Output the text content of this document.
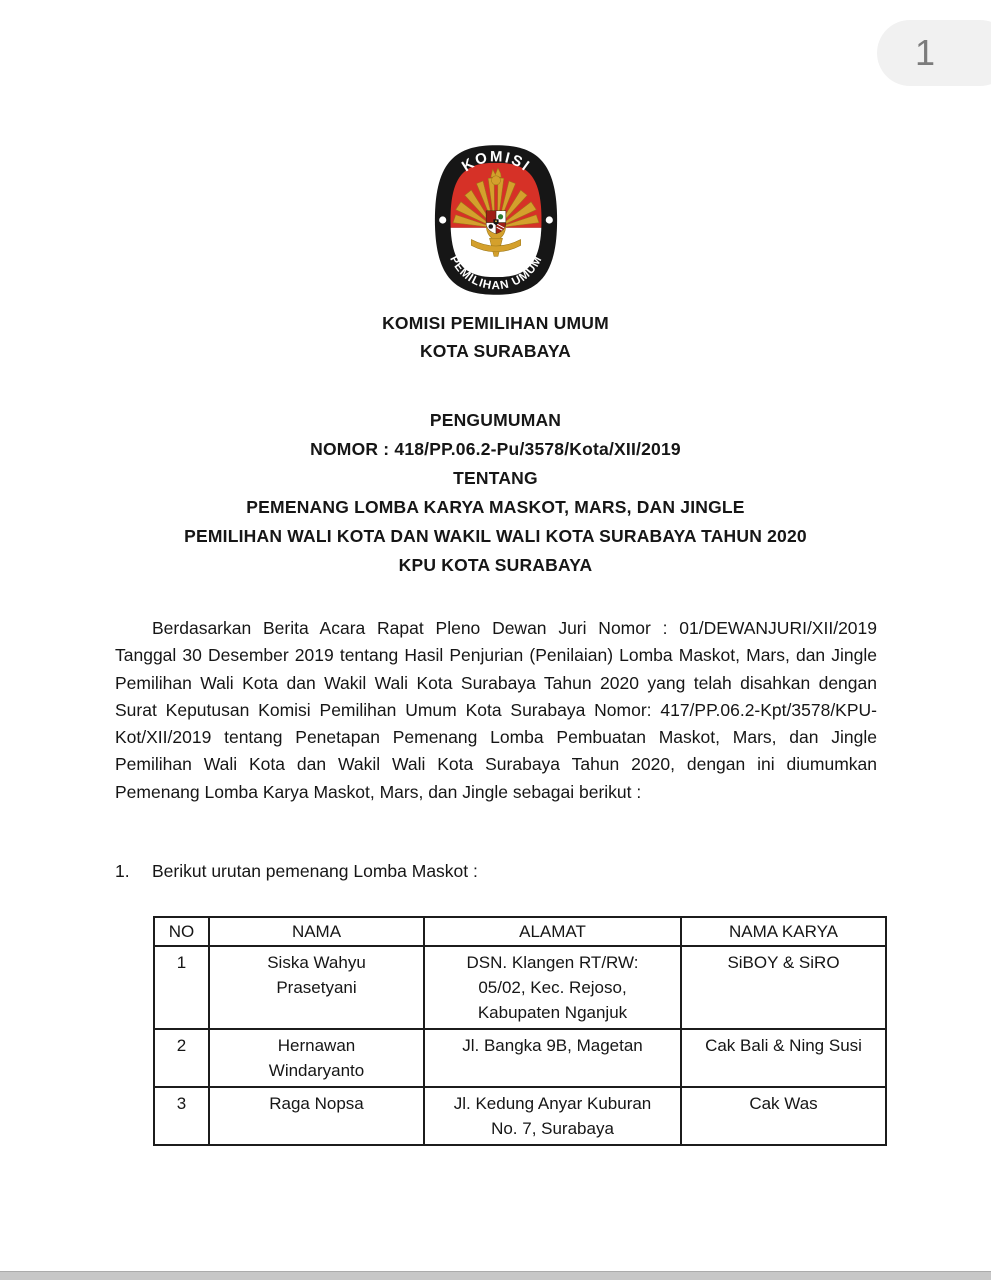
1
KOMISI
PEMILIHAN UMUM
KOMISI PEMILIHAN UMUM
KOTA SURABAYA
PENGUMUMAN
NOMOR : 418/PP.06.2-Pu/3578/Kota/XII/2019
TENTANG
PEMENANG LOMBA KARYA MASKOT, MARS, DAN JINGLE
PEMILIHAN WALI KOTA DAN WAKIL WALI KOTA SURABAYA TAHUN 2020
KPU KOTA SURABAYA

Berdasarkan Berita Acara Rapat Pleno Dewan Juri Nomor : 01/DEWANJURI/XII/2019 Tanggal 30 Desember 2019 tentang Hasil Penjurian (Penilaian) Lomba Maskot, Mars, dan Jingle Pemilihan Wali Kota dan Wakil Wali Kota Surabaya Tahun 2020 yang telah disahkan dengan Surat Keputusan Komisi Pemilihan Umum Kota Surabaya Nomor: 417/PP.06.2-Kpt/3578/KPU-Kot/XII/2019 tentang Penetapan Pemenang Lomba Pembuatan Maskot, Mars, dan Jingle Pemilihan Wali Kota dan Wakil Wali Kota Surabaya Tahun 2020, dengan ini diumumkan Pemenang Lomba Karya Maskot, Mars, dan Jingle sebagai berikut :

1.	Berikut urutan pemenang Lomba Maskot :
NO	NAMA	ALAMAT	NAMA KARYA
1	Siska Wahyu Prasetyani	DSN. Klangen RT/RW: 05/02, Kec. Rejoso, Kabupaten Nganjuk	SiBOY & SiRO
2	Hernawan Windaryanto	Jl. Bangka 9B, Magetan	Cak Bali & Ning Susi
3	Raga Nopsa	Jl. Kedung Anyar Kuburan No. 7, Surabaya	Cak Was
